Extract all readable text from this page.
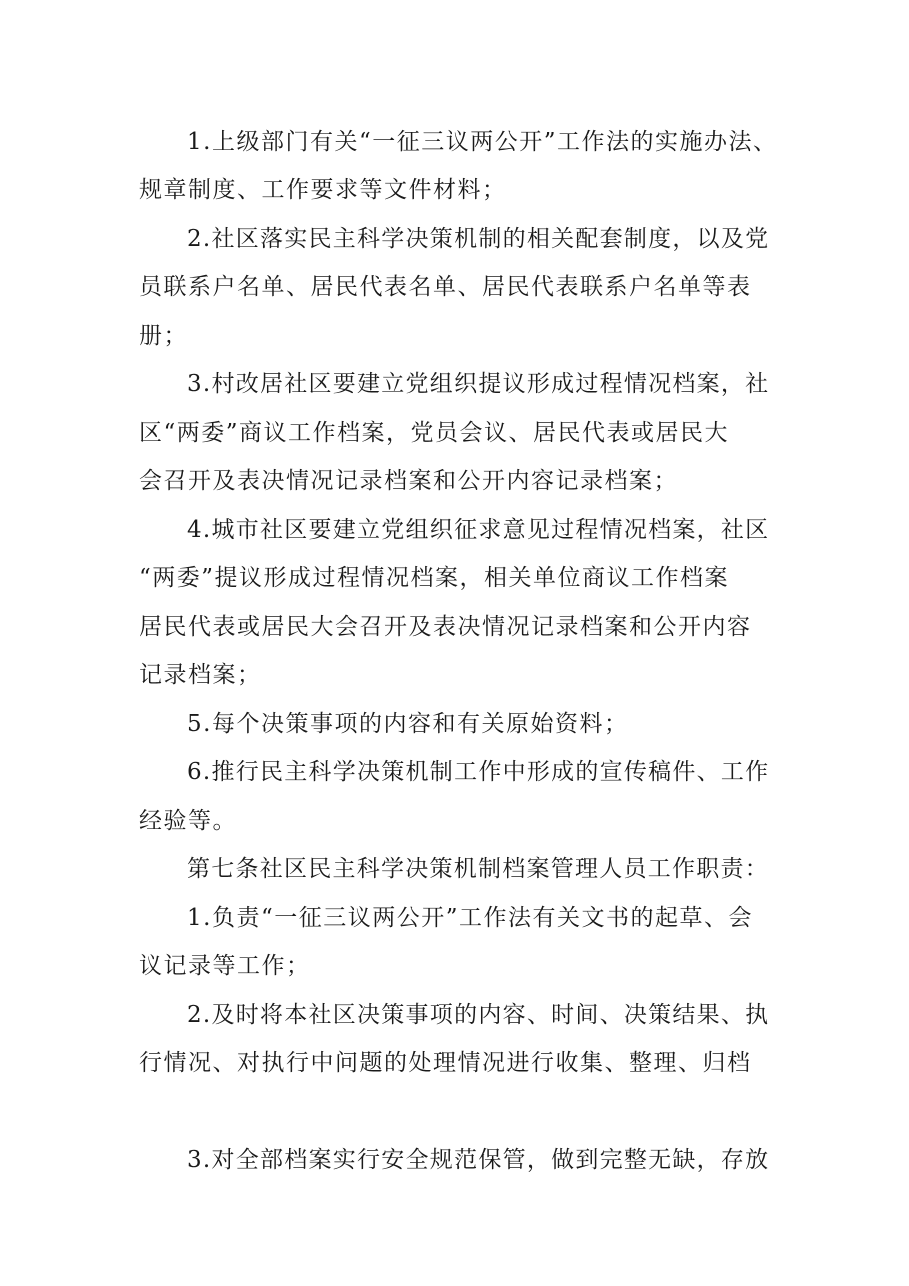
1.上级部门有关“一征三议两公开”工作法的实施办法、
规章制度、工作要求等文件材料；
2.社区落实民主科学决策机制的相关配套制度，以及党
员联系户名单、居民代表名单、居民代表联系户名单等表
册；
3.村改居社区要建立党组织提议形成过程情况档案，社
区“两委”商议工作档案，党员会议、居民代表或居民大
会召开及表决情况记录档案和公开内容记录档案；
4.城市社区要建立党组织征求意见过程情况档案，社区
“两委”提议形成过程情况档案，相关单位商议工作档案
居民代表或居民大会召开及表决情况记录档案和公开内容
记录档案；
5.每个决策事项的内容和有关原始资料；
6.推行民主科学决策机制工作中形成的宣传稿件、工作
经验等。
第七条社区民主科学决策机制档案管理人员工作职责：
1.负责“一征三议两公开”工作法有关文书的起草、会
议记录等工作；
2.及时将本社区决策事项的内容、时间、决策结果、执
行情况、对执行中问题的处理情况进行收集、整理、归档
3.对全部档案实行安全规范保管，做到完整无缺，存放
